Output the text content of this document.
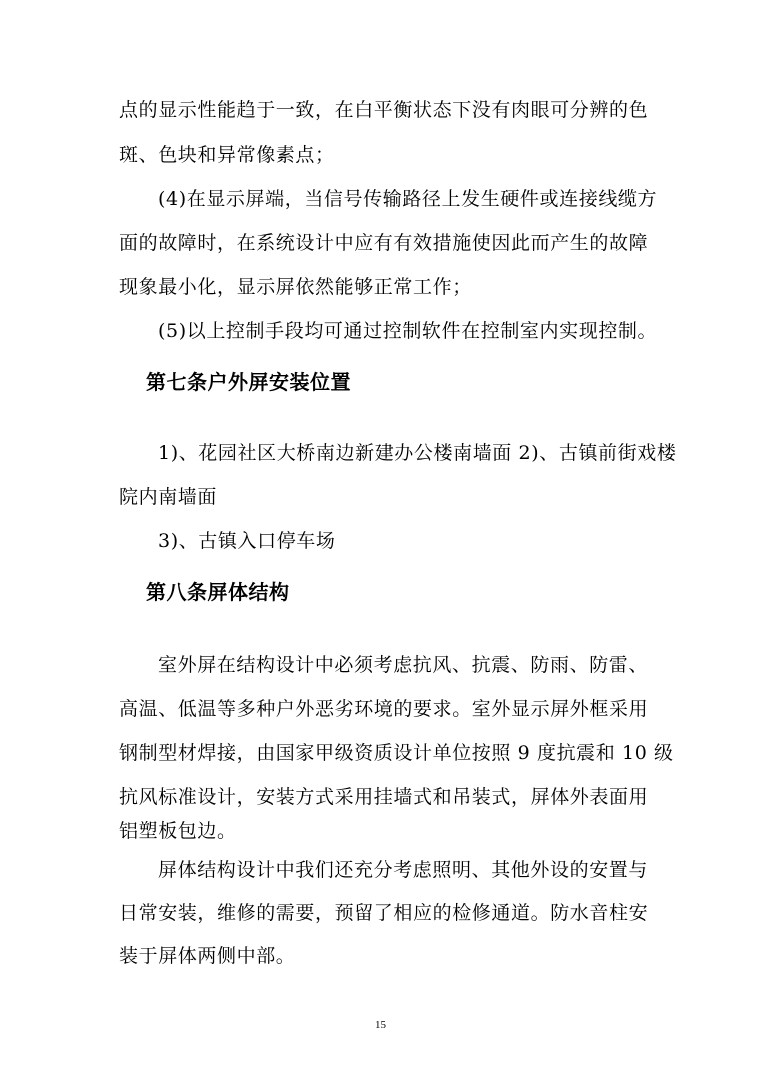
点的显示性能趋于一致，在白平衡状态下没有肉眼可分辨的色
斑、色块和异常像素点；
(4)在显示屏端，当信号传输路径上发生硬件或连接线缆方
面的故障时，在系统设计中应有有效措施使因此而产生的故障
现象最小化，显示屏依然能够正常工作；
(5)以上控制手段均可通过控制软件在控制室内实现控制。
第七条户外屏安装位置
1)、花园社区大桥南边新建办公楼南墙面 2)、古镇前街戏楼
院内南墙面
3)、古镇入口停车场
第八条屏体结构
室外屏在结构设计中必须考虑抗风、抗震、防雨、防雷、
高温、低温等多种户外恶劣环境的要求。室外显示屏外框采用
钢制型材焊接，由国家甲级资质设计单位按照 9 度抗震和 10 级
抗风标准设计，安装方式采用挂墙式和吊装式，屏体外表面用
铝塑板包边。
屏体结构设计中我们还充分考虑照明、其他外设的安置与
日常安装，维修的需要，预留了相应的检修通道。防水音柱安
装于屏体两侧中部。
15
